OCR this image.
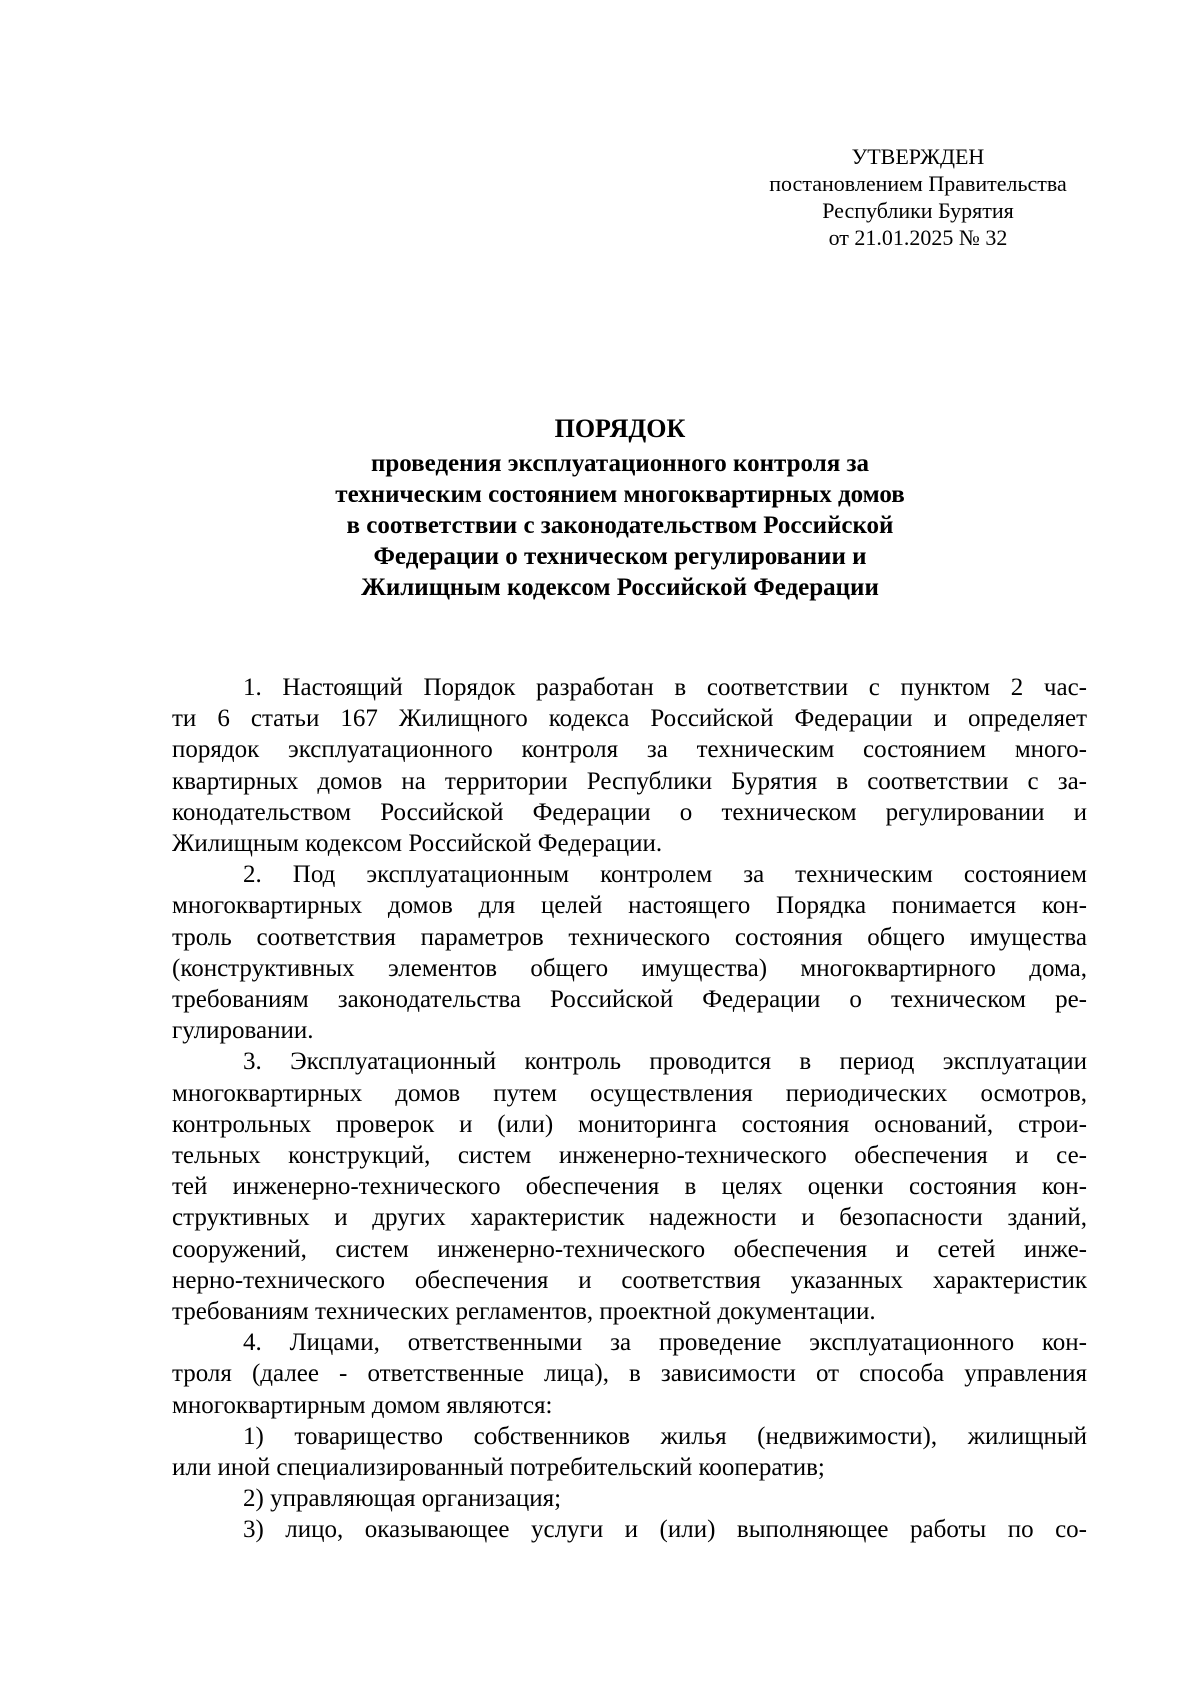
УТВЕРЖДЕН
постановлением Правительства
Республики Бурятия
от 21.01.2025 № 32
ПОРЯДОК
проведения эксплуатационного контроля за
техническим состоянием многоквартирных домов
в соответствии с законодательством Российской
Федерации о техническом регулировании и
Жилищным кодексом Российской Федерации
1. Настоящий Порядок разработан в соответствии с пунктом 2 час-
ти 6 статьи 167 Жилищного кодекса Российской Федерации и определяет
порядок эксплуатационного контроля за техническим состоянием много-
квартирных домов на территории Республики Бурятия в соответствии с за-
конодательством Российской Федерации о техническом регулировании и
Жилищным кодексом Российской Федерации.
2. Под эксплуатационным контролем за техническим состоянием
многоквартирных домов для целей настоящего Порядка понимается кон-
троль соответствия параметров технического состояния общего имущества
(конструктивных элементов общего имущества) многоквартирного дома,
требованиям законодательства Российской Федерации о техническом ре-
гулировании.
3. Эксплуатационный контроль проводится в период эксплуатации
многоквартирных домов путем осуществления периодических осмотров,
контрольных проверок и (или) мониторинга состояния оснований, строи-
тельных конструкций, систем инженерно-технического обеспечения и се-
тей инженерно-технического обеспечения в целях оценки состояния кон-
структивных и других характеристик надежности и безопасности зданий,
сооружений, систем инженерно-технического обеспечения и сетей инже-
нерно-технического обеспечения и соответствия указанных характеристик
требованиям технических регламентов, проектной документации.
4. Лицами, ответственными за проведение эксплуатационного кон-
троля (далее - ответственные лица), в зависимости от способа управления
многоквартирным домом являются:
1) товарищество собственников жилья (недвижимости), жилищный
или иной специализированный потребительский кооператив;
2) управляющая организация;
3) лицо, оказывающее услуги и (или) выполняющее работы по со-
